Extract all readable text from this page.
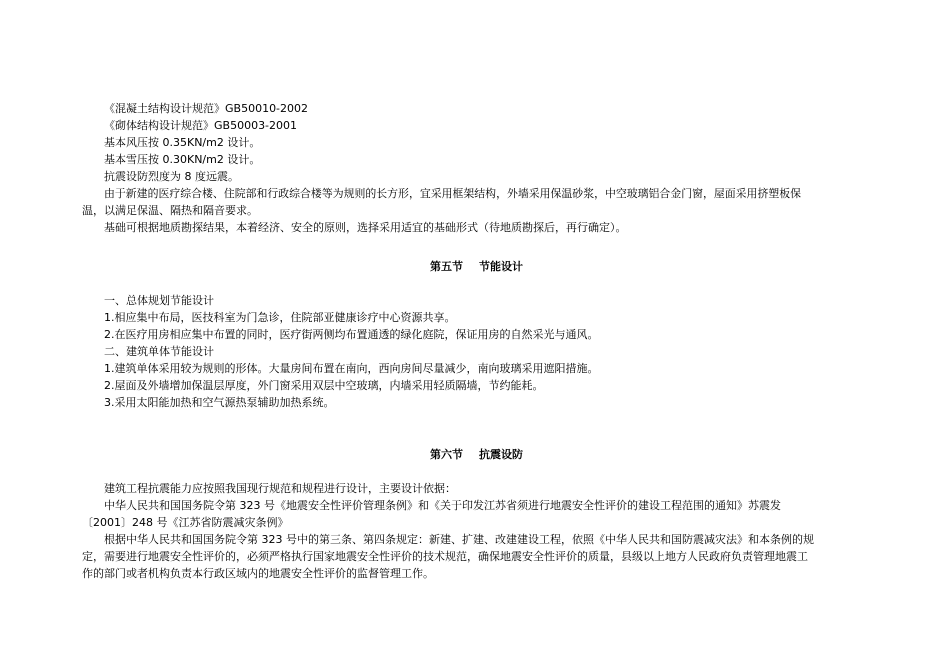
《混凝土结构设计规范》GB50010-2002
《砌体结构设计规范》GB50003-2001
基本风压按 0.35KN/m2 设计。
基本雪压按 0.30KN/m2 设计。
抗震设防烈度为 8 度远震。
由于新建的医疗综合楼、住院部和行政综合楼等为规则的长方形，宜采用框架结构，外墙采用保温砂浆，中空玻璃铝合金门窗，屋面采用挤塑板保
温，以满足保温、隔热和隔音要求。
基础可根据地质勘探结果，本着经济、安全的原则，选择采用适宜的基础形式（待地质勘探后，再行确定）。
第五节 节能设计
一、总体规划节能设计
1.相应集中布局，医技科室为门急诊，住院部亚健康诊疗中心资源共享。
2.在医疗用房相应集中布置的同时，医疗街两侧均布置通透的绿化庭院，保证用房的自然采光与通风。
二、建筑单体节能设计
1.建筑单体采用较为规则的形体。大量房间布置在南向，西向房间尽量减少，南向玻璃采用遮阳措施。
2.屋面及外墙增加保温层厚度，外门窗采用双层中空玻璃，内墙采用轻质隔墙，节约能耗。
3.采用太阳能加热和空气源热泵辅助加热系统。
第六节 抗震设防
建筑工程抗震能力应按照我国现行规范和规程进行设计，主要设计依据：
中华人民共和国国务院令第 323 号《地震安全性评价管理条例》和《关于印发江苏省须进行地震安全性评价的建设工程范围的通知》苏震发
〔2001〕248 号《江苏省防震减灾条例》
根据中华人民共和国国务院令第 323 号中的第三条、第四条规定：新建、扩建、改建建设工程，依照《中华人民共和国防震减灾法》和本条例的规
定，需要进行地震安全性评价的，必须严格执行国家地震安全性评价的技术规范，确保地震安全性评价的质量，县级以上地方人民政府负责管理地震工
作的部门或者机构负责本行政区域内的地震安全性评价的监督管理工作。
